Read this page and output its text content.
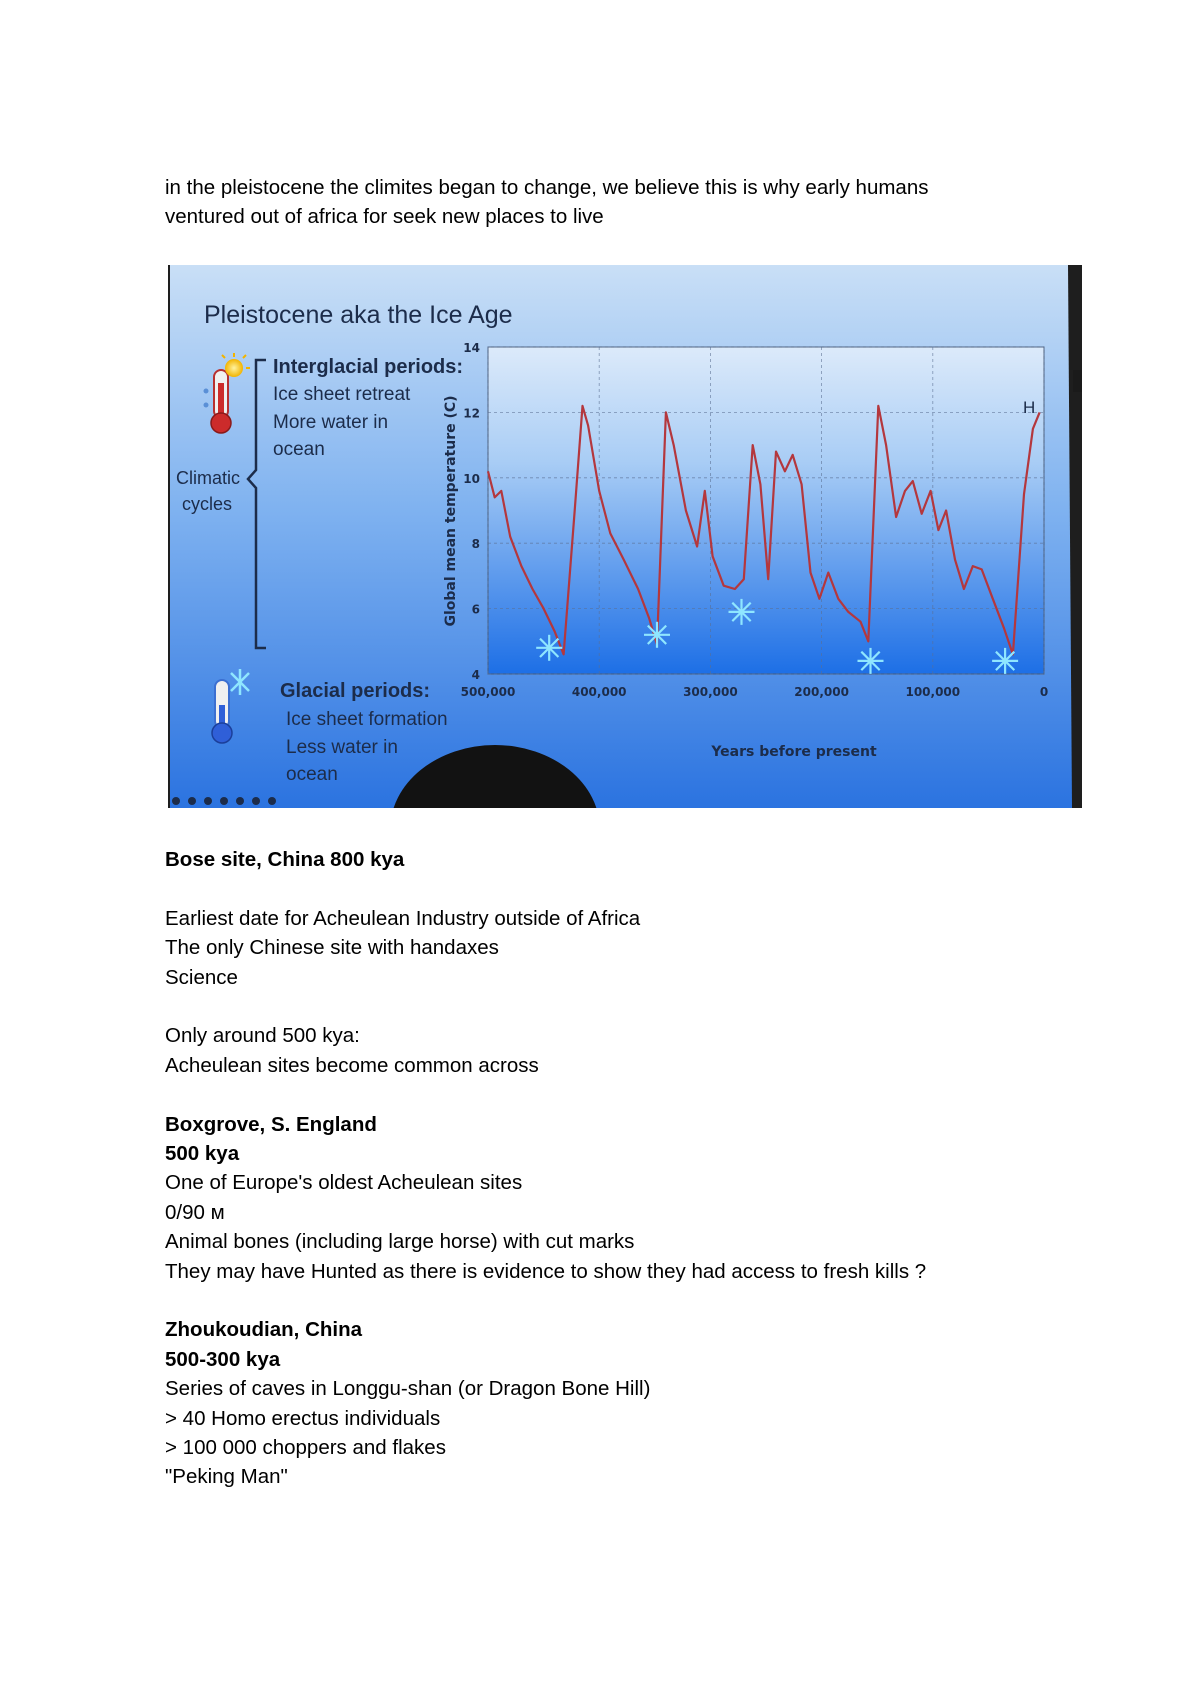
in the pleistocene the climites began to change, we believe this is why early humans

ventured out of africa for seek new places to live

Pleistocene aka the Ice Age
Climatic
cycles
Interglacial periods:
Ice sheet retreat
More water in
ocean
Glacial periods:
Ice sheet formation
Less water in
ocean
4
6
8
10
12
14
500,000	400,000	300,000	200,000	100,000	0
Global mean temperature (C)
Years before present
H
Bose site, China 800 kya
Earliest date for Acheulean Industry outside of Africa
The only Chinese site with handaxes
Science
Only around 500 kya:
Acheulean sites become common across
Boxgrove, S. England
500 kya
One of Europe's oldest Acheulean sites
0/90 м
Animal bones (including large horse) with cut marks
They may have Hunted as there is evidence to show they had access to fresh kills ?
Zhoukoudian, China
500-300 kya
Series of caves in Longgu-shan (or Dragon Bone Hill)
> 40 Homo erectus individuals
> 100 000 choppers and flakes
"Peking Man"
